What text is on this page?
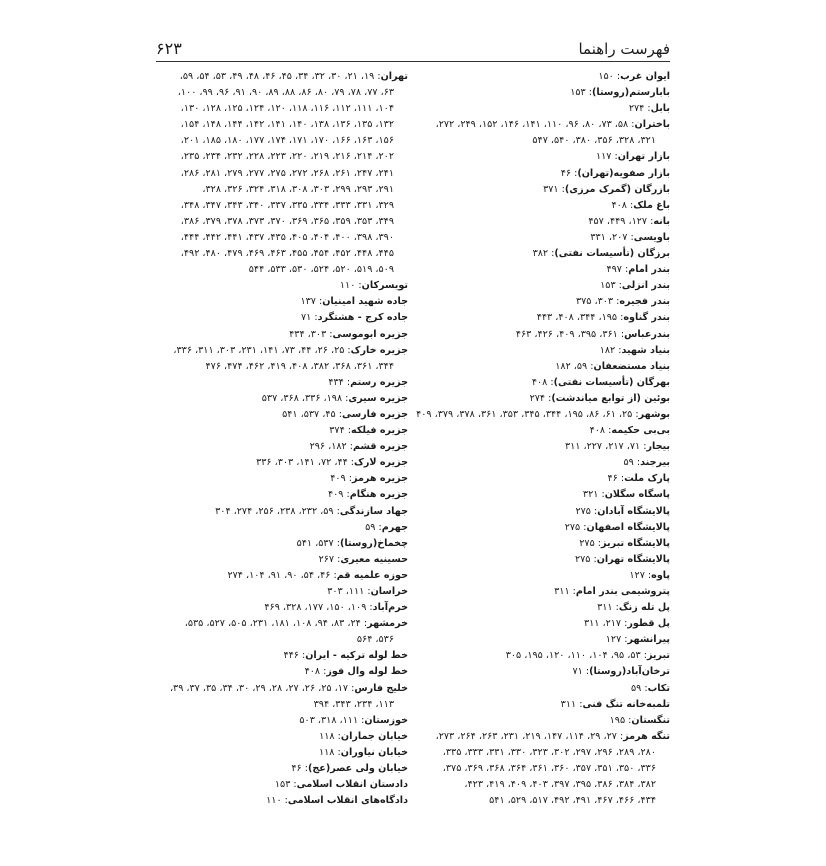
فهرست راهنما
۶۲۳
ایوان غرب: ۱۵۰
بابارستم(روستا): ۱۵۳
بابل: ۲۷۴
باختران: ۵۸، ۷۳، ۸۰، ۹۶، ۱۱۰، ۱۴۱، ۱۴۶، ۱۵۲، ۲۴۹، ۲۷۲،
۳۲۱، ۳۲۸، ۳۵۶، ۳۸۰، ۵۴۰، ۵۴۷
بازار تهران: ۱۱۷
بازار صفویه(تهران): ۴۶
بازرگان (گمرک مرزی): ۳۷۱
باغ ملک: ۴۰۸
بانه: ۱۲۷، ۴۴۹، ۴۵۷
باویسی: ۲۰۷، ۳۳۱
برزگان (تأسیسات نفتی): ۳۸۲
بندر امام: ۴۹۷
بندر انزلی: ۱۵۳
بندر فجیره: ۳۰۳، ۳۷۵
بندر گناوه: ۱۹۵، ۳۴۴، ۴۰۸، ۴۴۳
بندرعباس: ۳۶۱، ۳۹۵، ۴۰۹، ۴۲۶، ۴۶۳
بنیاد شهید: ۱۸۲
بنیاد مستضعفان: ۵۹، ۱۸۲
بهرگان (تأسیسات نفتی): ۴۰۸
بوئین (از توابع میاندشت): ۲۷۴
بوشهر: ۲۵، ۶۱، ۸۶، ۱۹۵، ۳۴۴، ۳۴۵، ۳۵۳، ۳۶۱، ۳۷۸، ۳۷۹، ۴۰۹
بی‌بی حکیمه: ۴۰۸
بیجار: ۷۱، ۲۱۷، ۲۲۷، ۳۱۱
بیرجند: ۵۹
پارک ملت: ۴۶
پاسگاه سگلان: ۳۲۱
پالایشگاه آبادان: ۲۷۵
پالایشگاه اصفهان: ۲۷۵
پالایشگاه تبریز: ۲۷۵
پالایشگاه تهران: ۲۷۵
پاوه: ۱۲۷
پتروشیمی بندر امام: ۳۱۱
پل تله زنگ: ۳۱۱
پل قطور: ۲۱۷، ۳۱۱
پیرانشهر: ۱۲۷
تبریز: ۵۳، ۹۵، ۱۰۴، ۱۱۰، ۱۲۰، ۱۹۵، ۳۰۵
ترخان‌آباد(روستا): ۷۱
تکاب: ۵۹
تلمبه‌خانه تنگ فنی: ۳۱۱
تنگستان: ۱۹۵
تنگه هرمز: ۲۷، ۲۹، ۱۱۴، ۱۴۷، ۲۱۹، ۲۳۱، ۲۶۳، ۲۶۴، ۲۷۳،
۲۸۰، ۲۸۹، ۲۹۶، ۲۹۷، ۳۰۲، ۳۲۳، ۳۳۰، ۳۳۱، ۳۳۳، ۳۳۵،
۳۳۶، ۳۵۰، ۳۵۱، ۳۵۷، ۳۶۰، ۳۶۱، ۳۶۴، ۳۶۸، ۳۶۹، ۳۷۵،
۳۸۲، ۳۸۴، ۳۸۶، ۳۹۵، ۳۹۷، ۴۰۳، ۴۰۹، ۴۱۹، ۴۲۳،
۴۳۴، ۴۶۶، ۴۶۷، ۴۹۱، ۴۹۲، ۵۱۷، ۵۲۹، ۵۴۱
تهران: ۱۹، ۲۱، ۳۰، ۳۲، ۳۴، ۴۵، ۴۶، ۴۸، ۴۹، ۵۳، ۵۴، ۵۹،
۶۳، ۷۷، ۷۸، ۷۹، ۸۰، ۸۶، ۸۸، ۸۹، ۹۰، ۹۱، ۹۶، ۹۹، ۱۰۰،
۱۰۴، ۱۱۱، ۱۱۲، ۱۱۶، ۱۱۸، ۱۲۰، ۱۲۴، ۱۲۵، ۱۲۸، ۱۳۰،
۱۳۲، ۱۳۵، ۱۳۶، ۱۳۸، ۱۴۰، ۱۴۱، ۱۴۲، ۱۴۴، ۱۴۸، ۱۵۴،
۱۵۶، ۱۶۳، ۱۶۶، ۱۷۰، ۱۷۱، ۱۷۴، ۱۷۷، ۱۸۰، ۱۸۵، ۲۰۱،
۲۰۲، ۲۱۴، ۲۱۶، ۲۱۹، ۲۲۰، ۲۲۳، ۲۲۸، ۲۳۲، ۲۳۴، ۲۳۵،
۲۴۱، ۲۴۷، ۲۶۱، ۲۶۸، ۲۷۲، ۲۷۵، ۲۷۷، ۲۷۹، ۲۸۱، ۲۸۶،
۲۹۱، ۲۹۳، ۲۹۹، ۳۰۳، ۳۰۸، ۳۱۸، ۳۲۴، ۳۲۶، ۳۲۸،
۳۲۹، ۳۳۱، ۳۳۳، ۳۳۴، ۳۳۵، ۳۳۷، ۳۴۰، ۳۴۳، ۳۴۷، ۳۴۸،
۳۴۹، ۳۵۳، ۳۵۹، ۳۶۵، ۳۶۹، ۳۷۰، ۳۷۳، ۳۷۸، ۳۷۹، ۳۸۶،
۳۹۰، ۳۹۸، ۴۰۰، ۴۰۴، ۴۰۵، ۴۳۵، ۴۳۷، ۴۴۱، ۴۴۲، ۴۴۴،
۴۴۵، ۴۴۸، ۴۵۲، ۴۵۴، ۴۵۵، ۴۶۳، ۴۶۹، ۴۷۹، ۴۸۰، ۴۹۲،
۵۰۹، ۵۱۹، ۵۲۰، ۵۲۴، ۵۳۰، ۵۳۳، ۵۴۴
تویسرکان: ۱۱۰
جاده شهید امینیان: ۱۳۷
جاده کرج - هشتگرد: ۷۱
جزیره ابوموسی: ۳۰۳، ۴۳۴
جزیره خارک: ۲۵، ۲۶، ۴۴، ۷۳، ۱۴۱، ۲۳۱، ۳۰۳، ۳۱۱، ۳۳۶،
۳۴۴، ۳۶۱، ۳۶۸، ۳۸۲، ۴۰۸، ۴۱۹، ۴۶۲، ۴۷۴، ۴۷۶
جزیره رستم: ۴۳۴
جزیره سیری: ۱۹۸، ۳۳۶، ۳۶۸، ۵۳۷
جزیره فارسی: ۴۵، ۵۳۷، ۵۴۱
جزیره فیلکه: ۳۷۴
جزیره قشم: ۱۸۲، ۲۹۶
جزیره لارک: ۴۴، ۷۲، ۱۴۱، ۳۰۳، ۳۳۶
جزیره هرمز: ۴۰۹
جزیره هنگام: ۴۰۹
جهاد سازندگی: ۵۹، ۲۳۲، ۲۳۸، ۲۵۶، ۲۷۴، ۳۰۴
جهرم: ۵۹
چخماخ(روستا): ۵۳۷، ۵۴۱
حسینیه معیری: ۲۶۷
حوزه علمیه قم: ۴۶، ۵۴، ۹۰، ۹۱، ۱۰۴، ۲۷۴
خراسان: ۱۱۱، ۳۰۳
خرم‌آباد: ۱۰۹، ۱۵۰، ۱۷۷، ۳۲۸، ۴۶۹
خرمشهر: ۲۴، ۸۳، ۹۴، ۱۰۸، ۱۸۱، ۲۳۱، ۵۰۵، ۵۲۷، ۵۳۵،
۵۳۶، ۵۶۴
خط لوله ترکیه - ایران: ۴۴۶
خط لوله وال فوز: ۴۰۸
خلیج فارس: ۱۷، ۲۵، ۲۶، ۲۷، ۲۸، ۲۹، ۳۰، ۳۴، ۳۵، ۳۷، ۳۹،
۱۱۳، ۲۳۴، ۳۴۳، ۳۹۴
خوزستان: ۱۱۱، ۳۱۸، ۵۰۳
خیابان جماران: ۱۱۸
خیابان نیاوران: ۱۱۸
خیابان ولی عصر(عج): ۴۶
دادستان انقلاب اسلامی: ۱۵۳
دادگاه‌های انقلاب اسلامی: ۱۱۰
